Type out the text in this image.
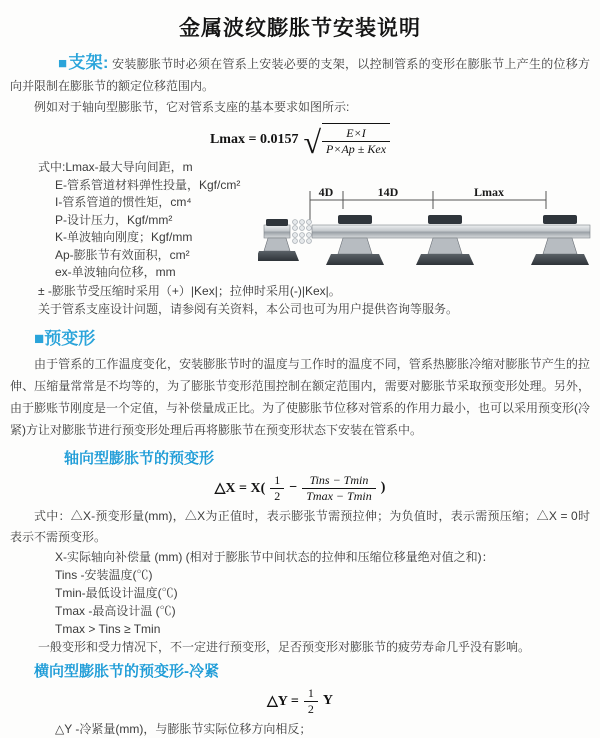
金属波纹膨胀节安装说明

■支架: 安装膨胀节时必须在管系上安装必要的支架，以控制管系的变形在膨胀节上产生的位移方向并限制在膨胀节的额定位移范围内。

例如对于轴向型膨胀节，它对管系支座的基本要求如图所示:

Lmax = 0.0157 √ $\frac{E\times I}{\text{P×Ap ± Kex}}$
式中:Lmax-最大导向间距，m
E-管系管道材料弹性投量，Kgf/cm²
I-管系管道的惯性矩，cm⁴
P-设计压力，Kgf/mm²
K-单波轴向刚度；Kgf/mm
Ap-膨胀节有效面积，cm²
ex-单波轴向位移，mm
4D	14D	Lmax
± -膨胀节受压缩时采用（+）|Kex|；拉伸时采用(-)|Kex|。
关于管系支座设计问题，请参阅有关资料，本公司也可为用户提供咨询等服务。
■预变形

由于管系的工作温度变化，安装膨胀节时的温度与工作时的温度不同，管系热膨胀冷缩对膨胀节产生的拉伸、压缩量常常是不均等的，为了膨胀节变形范围控制在额定范围内，需要对膨胀节采取预变形处理。另外，由于膨账节刚度是一个定值，与补偿量成正比。为了使膨胀节位移对管系的作用力最小，也可以采用预变形(冷紧)方让对膨胀节进行预变形处理后再将膨胀节在预变形状态下安装在管系中。

轴向型膨胀节的预变形
△X = $X( \frac{1}{2} - \frac{\text{Tins − Tmin}}{Tmax - Tmin}$ )

式中：△X-预变形量(mm)，△X为正值时，表示膨张节需预拉伸；为负值时，表示需预压缩；△X = 0时表示不需预变形。

X-实际轴向补偿量 (mm) (相对于膨胀节中间状态的拉伸和压缩位移量绝对值之和)：
Tins -安装温度(℃)
Tmin-最低设计温度(℃)
Tmax -最高设计温 (℃)
Tmax > Tins ≥ Tmin
一般变形和受力情况下，不一定进行预变形，足否预变形对膨胀节的疲劳寿命几乎没有影响。
横向型膨胀节的预变形-冷紧
△Y = $\frac{1}{2}$ Y
△Y -冷紧量(mm)，与膨胀节实际位移方向相反；
